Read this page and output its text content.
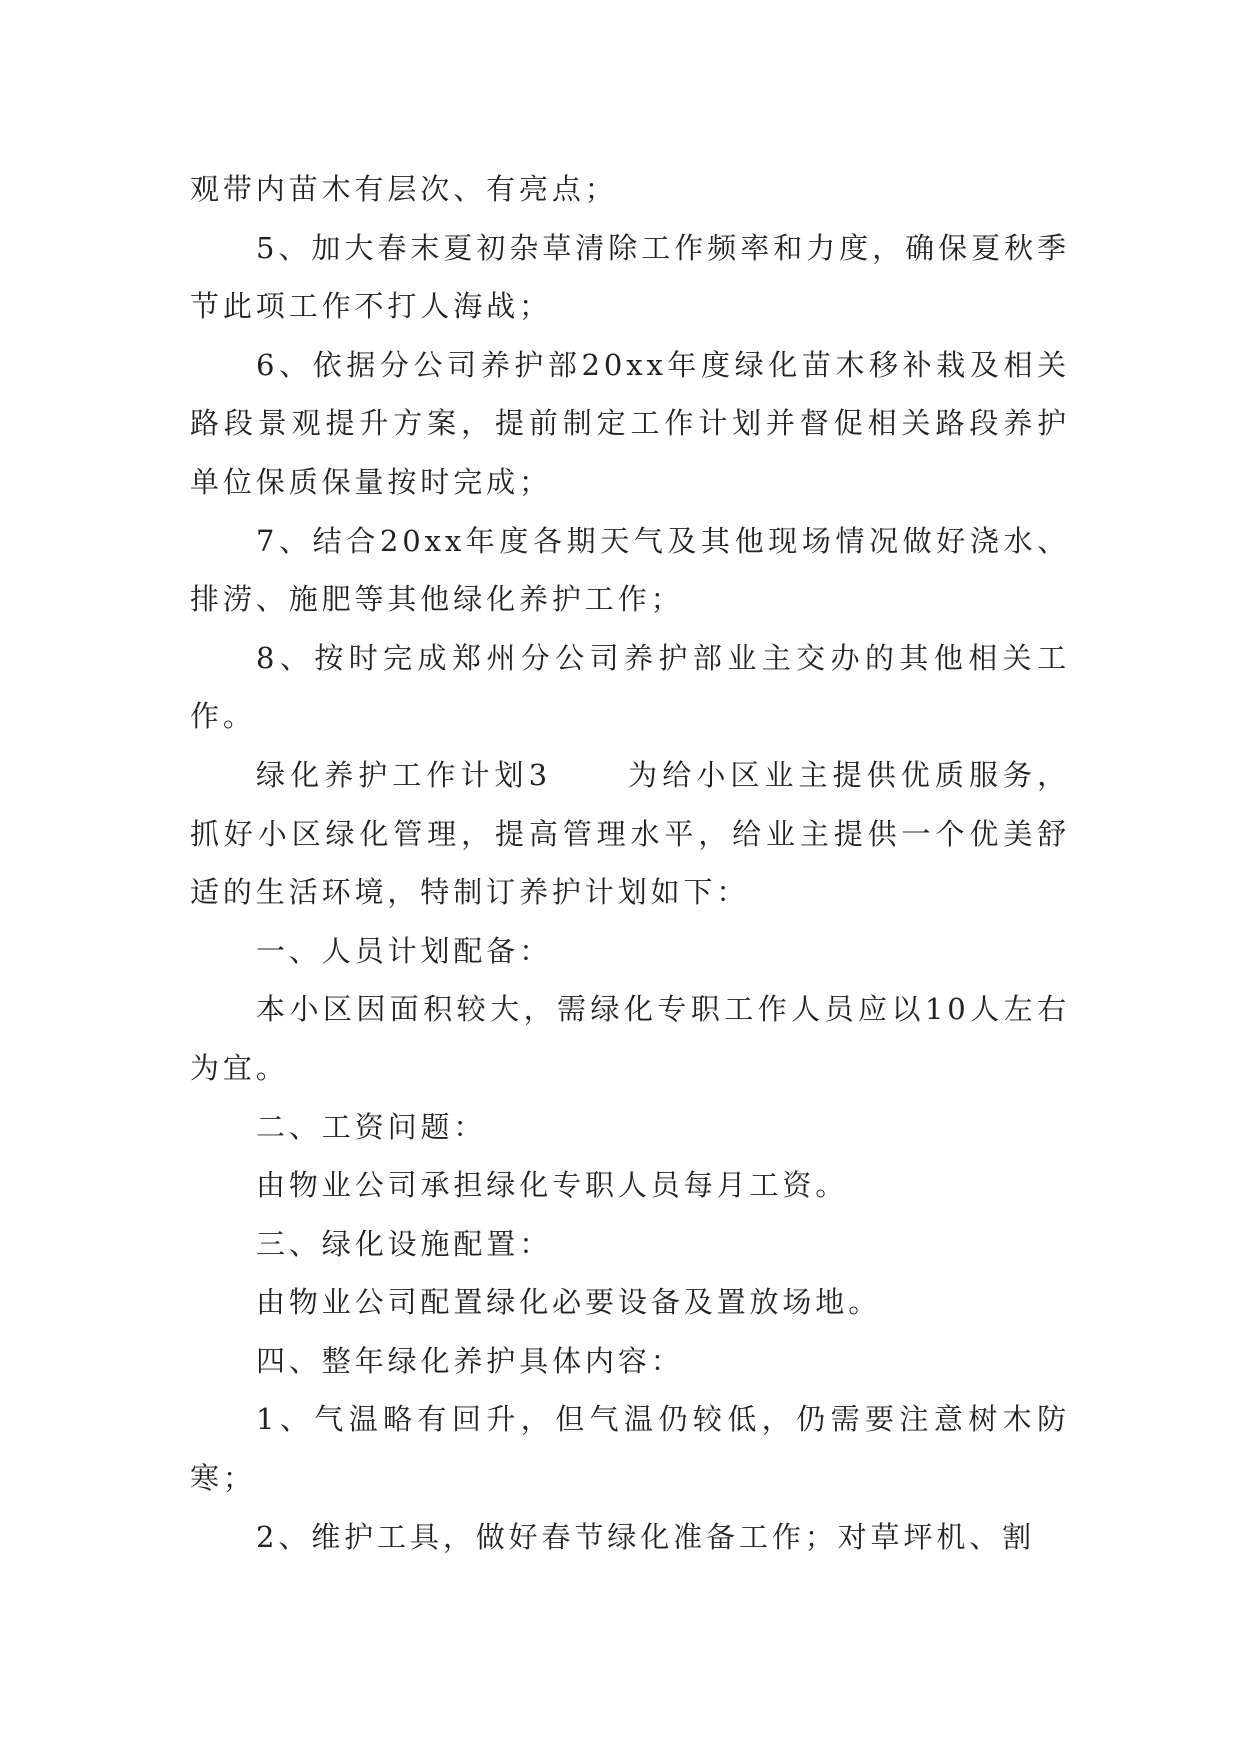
观带内苗木有层次、有亮点；

5、加大春末夏初杂草清除工作频率和力度，确保夏秋季节此项工作不打人海战；

6、依据分公司养护部20xx年度绿化苗木移补栽及相关路段景观提升方案，提前制定工作计划并督促相关路段养护单位保质保量按时完成；

7、结合20xx年度各期天气及其他现场情况做好浇水、排涝、施肥等其他绿化养护工作；

8、按时完成郑州分公司养护部业主交办的其他相关工作。

绿化养护工作计划3	为给小区业主提供优质服务，抓好小区绿化管理，提高管理水平，给业主提供一个优美舒适的生活环境，特制订养护计划如下：

一、人员计划配备：

本小区因面积较大，需绿化专职工作人员应以10人左右为宜。

二、工资问题：

由物业公司承担绿化专职人员每月工资。

三、绿化设施配置：

由物业公司配置绿化必要设备及置放场地。

四、整年绿化养护具体内容：

1、气温略有回升，但气温仍较低，仍需要注意树木防寒；

2、维护工具，做好春节绿化准备工作；对草坪机、割
